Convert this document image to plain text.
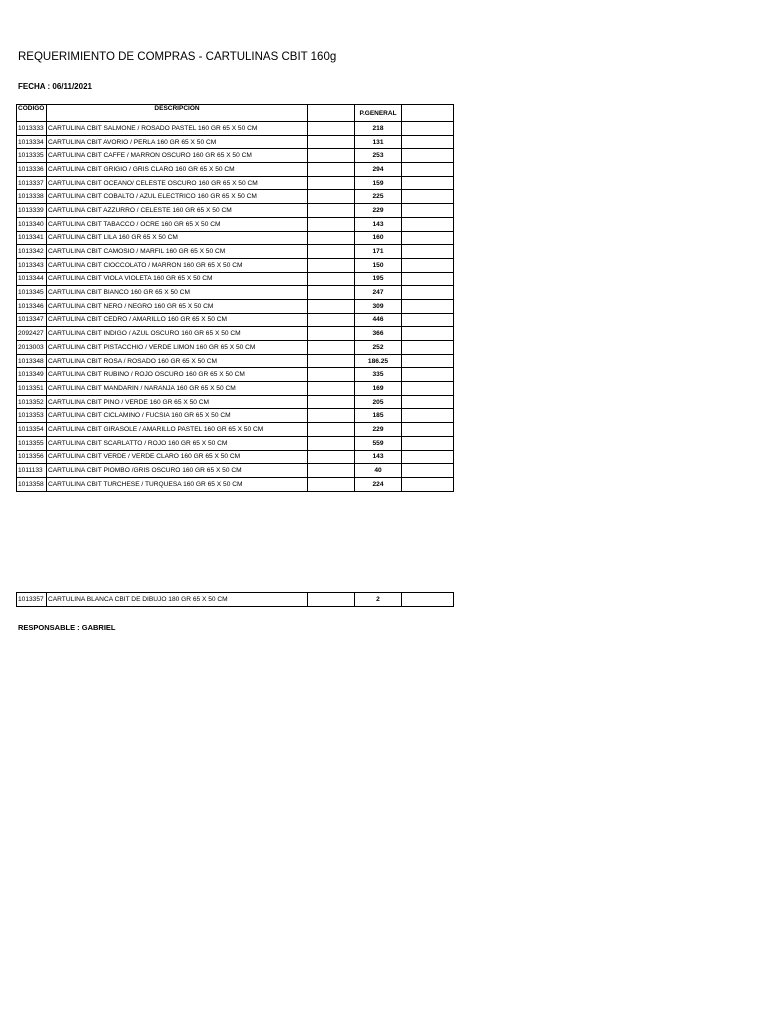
REQUERIMIENTO DE COMPRAS - CARTULINAS CBIT 160g
FECHA : 06/11/2021
CODIGO	DESCRIPCION		P.GENERAL	
1013333	CARTULINA CBIT SALMONE / ROSADO PASTEL 160 GR 65 X 50 CM		218	
1013334	CARTULINA CBIT AVORIO / PERLA 160 GR 65 X 50 CM		131	
1013335	CARTULINA CBIT CAFFE / MARRON OSCURO 160 GR 65 X 50 CM		253	
1013336	CARTULINA CBIT GRIGIO / GRIS CLARO 160 GR 65 X 50 CM		294	
1013337	CARTULINA CBIT OCEANO/ CELESTE OSCURO 160 GR 65 X 50 CM		159	
1013338	CARTULINA CBIT COBALTO / AZUL ELECTRICO 160 GR 65 X 50 CM		225	
1013339	CARTULINA CBIT AZZURRO / CELESTE 160 GR 65 X 50 CM		229	
1013340	CARTULINA CBIT TABACCO / OCRE 160 GR 65 X 50 CM		143	
1013341	CARTULINA CBIT LILA 160 GR 65 X 50 CM		160	
1013342	CARTULINA CBIT CAMOSIO / MARFIL 160 GR 65 X 50 CM		171	
1013343	CARTULINA CBIT CIOCCOLATO / MARRON 160 GR 65 X 50 CM		150	
1013344	CARTULINA CBIT VIOLA VIOLETA 160 GR 65 X 50 CM		195	
1013345	CARTULINA CBIT BIANCO 160 GR 65 X 50 CM		247	
1013346	CARTULINA CBIT NERO / NEGRO 160 GR 65 X 50 CM		309	
1013347	CARTULINA CBIT CEDRO / AMARILLO 160 GR 65 X 50 CM		446	
2092427	CARTULINA CBIT INDIGO / AZUL OSCURO 160 GR 65 X 50 CM		366	
2013003	CARTULINA CBIT PISTACCHIO / VERDE LIMON 160 GR 65 X 50 CM		252	
1013348	CARTULINA CBIT ROSA / ROSADO 160 GR 65 X 50 CM		186.25	
1013349	CARTULINA CBIT RUBINO / ROJO OSCURO 160 GR 65 X 50 CM		335	
1013351	CARTULINA CBIT MANDARIN / NARANJA 160 GR 65 X 50 CM		169	
1013352	CARTULINA CBIT PINO / VERDE 160 GR 65 X 50 CM		205	
1013353	CARTULINA CBIT CICLAMINO / FUCSIA 160 GR 65 X 50 CM		185	
1013354	CARTULINA CBIT GIRASOLE / AMARILLO PASTEL 160 GR 65 X 50 CM		229	
1013355	CARTULINA CBIT SCARLATTO / ROJO 160 GR 65 X 50 CM		559	
1013356	CARTULINA CBIT VERDE / VERDE CLARO 160 GR 65 X 50 CM		143	
1011133	CARTULINA CBIT PIOMBO /GRIS OSCURO 160 GR 65 X 50 CM		40	
1013358	CARTULINA CBIT TURCHESE / TURQUESA 160 GR 65 X 50 CM		224	
1013357	CARTULINA BLANCA CBIT DE DIBUJO 180 GR 65 X 50 CM		2	
RESPONSABLE : GABRIEL
